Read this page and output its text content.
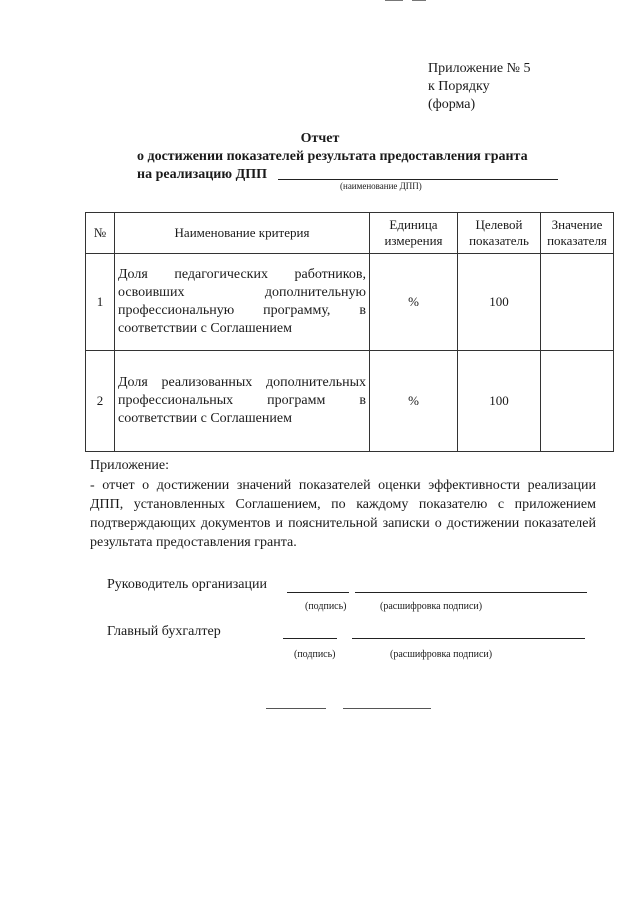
Приложение № 5
к Порядку
(форма)
Отчет
о достижении показателей результата предоставления гранта
на реализацию ДПП
(наименование ДПП)
№	Наименование критерия	Единица измерения	Целевой показатель	Значение показателя
1	Доля педагогических работников, освоивших дополнительную профессиональную программу, в соответствии с Соглашением	%	100	
2	Доля реализованных дополнительных профессиональных программ в соответствии с Соглашением	%	100	
Приложение:
- отчет о достижении значений показателей оценки эффективности реализации ДПП, установленных Соглашением, по каждому показателю с приложением подтверждающих документов и пояснительной записки о достижении показателей результата предоставления гранта.
Руководитель организации
(подпись)	(расшифровка подписи)
Главный бухгалтер
(подпись)	(расшифровка подписи)
